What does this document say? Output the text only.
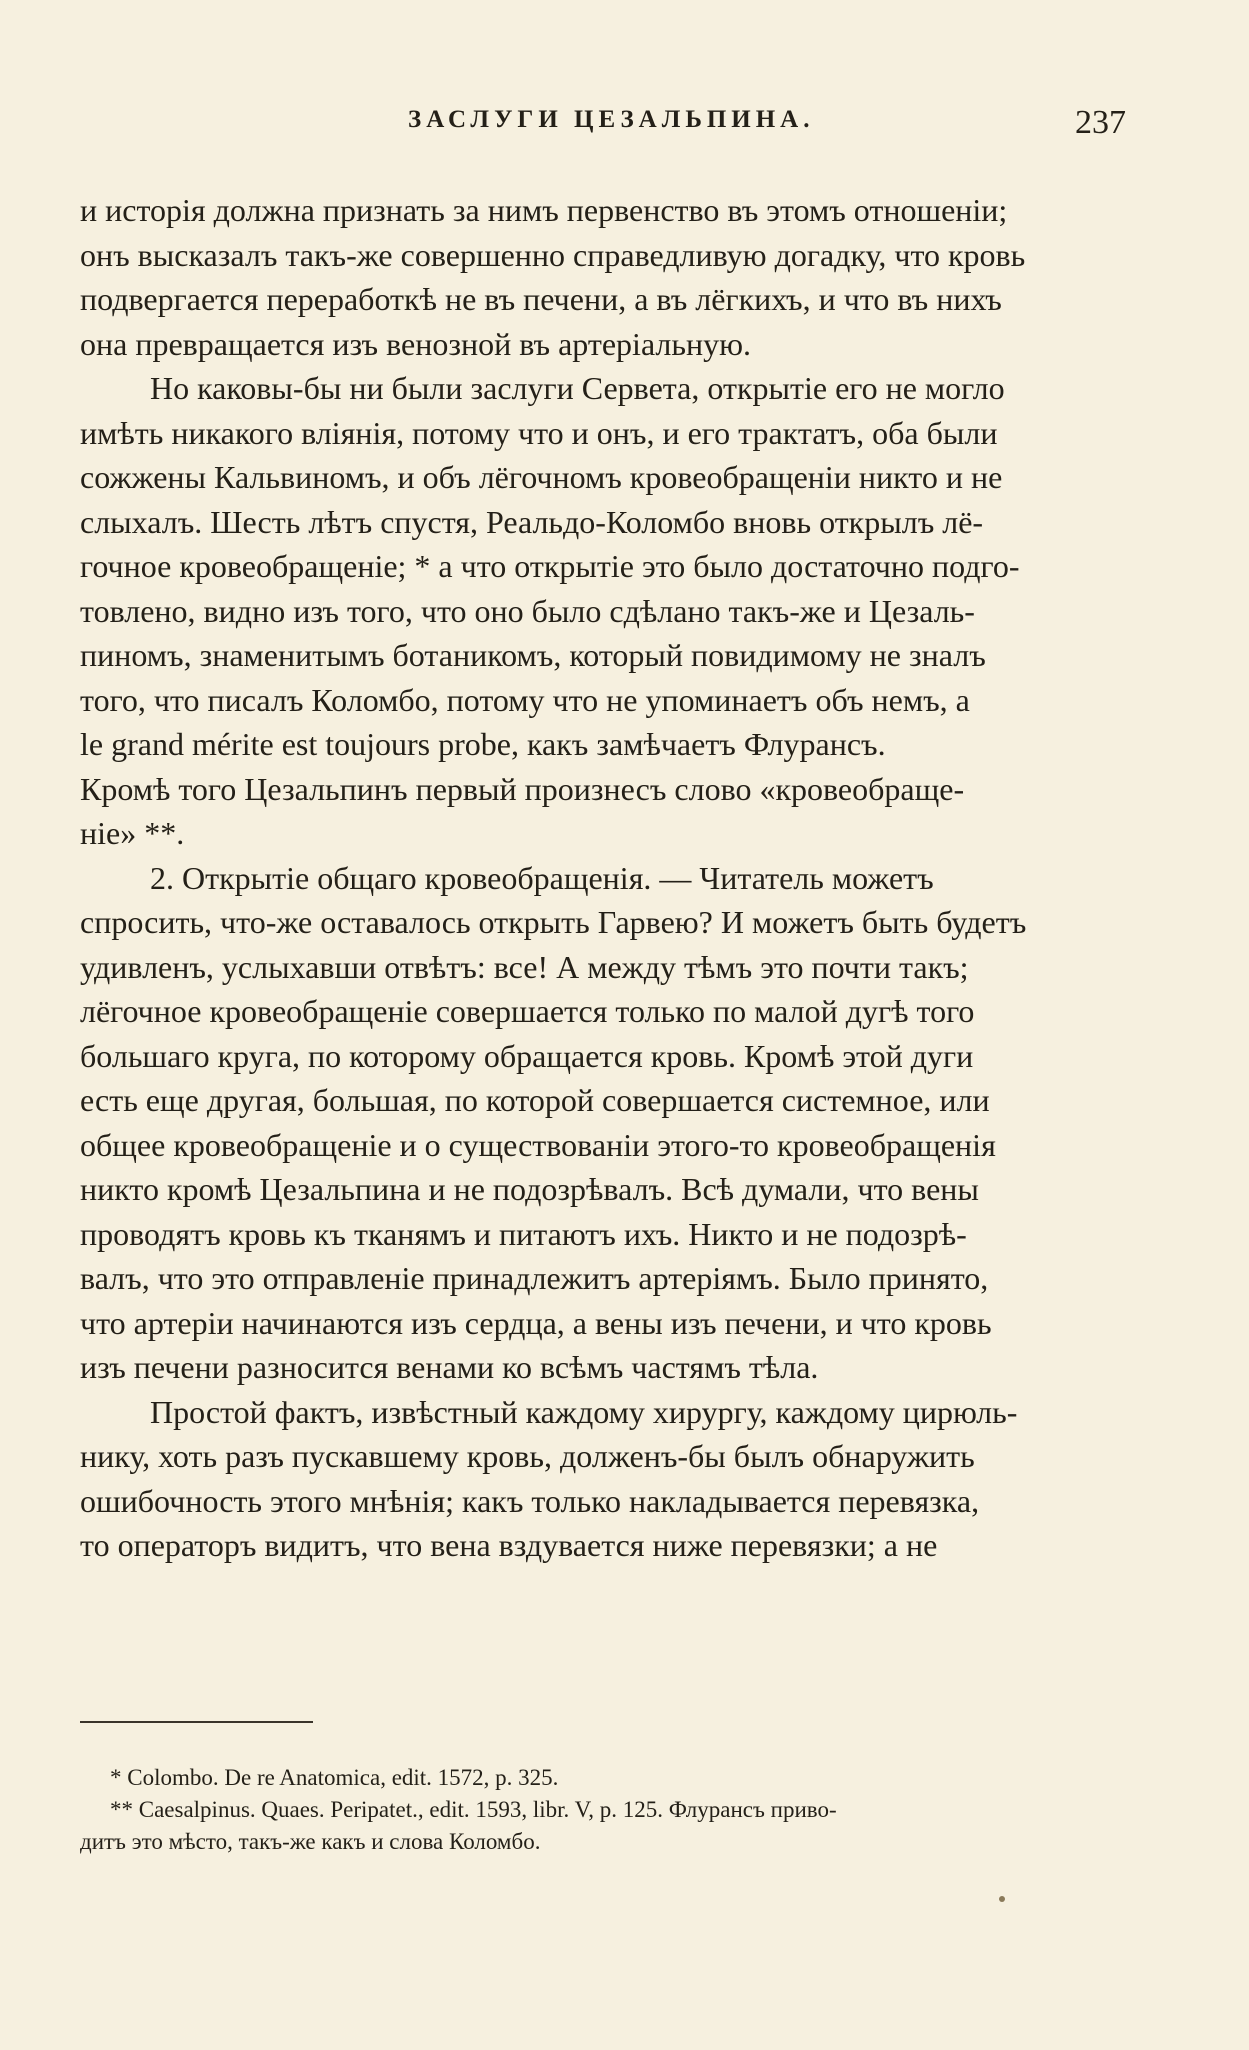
ЗАСЛУГИ ЦЕЗАЛЬПИНА.	237
и исторія должна признать за нимъ первенство въ этомъ отношеніи;
онъ высказалъ такъ-же совершенно справедливую догадку, что кровь
подвергается переработкѣ не въ печени, а въ лёгкихъ, и что въ нихъ
она превращается изъ венозной въ артеріальную.
Но каковы-бы ни были заслуги Сервета, открытіе его не могло
имѣть никакого вліянія, потому что и онъ, и его трактатъ, оба были
сожжены Кальвиномъ, и объ лёгочномъ кровеобращеніи никто и не
слыхалъ. Шесть лѣтъ спустя, Реальдо-Коломбо вновь открылъ лё-
гочное кровеобращеніе; * а что открытіе это было достаточно подго-
товлено, видно изъ того, что оно было сдѣлано такъ-же и Цезаль-
пиномъ, знаменитымъ ботаникомъ, который повидимому не зналъ
того, что писалъ Коломбо, потому что не упоминаетъ объ немъ, а
le grand mérite est toujours probe, какъ замѣчаетъ Флурансъ.
Кромѣ того Цезальпинъ первый произнесъ слово «кровеобраще-
ніе» **.
2. Открытіе общаго кровеобращенія. — Читатель можетъ
спросить, что-же оставалось открыть Гарвею? И можетъ быть будетъ
удивленъ, услыхавши отвѣтъ: все! А между тѣмъ это почти такъ;
лёгочное кровеобращеніе совершается только по малой дугѣ того
большаго круга, по которому обращается кровь. Кромѣ этой дуги
есть еще другая, большая, по которой совершается системное, или
общее кровеобращеніе и о существованіи этого-то кровеобращенія
никто кромѣ Цезальпина и не подозрѣвалъ. Всѣ думали, что вены
проводятъ кровь къ тканямъ и питаютъ ихъ. Никто и не подозрѣ-
валъ, что это отправленіе принадлежитъ артеріямъ. Было принято,
что артеріи начинаются изъ сердца, а вены изъ печени, и что кровь
изъ печени разносится венами ко всѣмъ частямъ тѣла.
Простой фактъ, извѣстный каждому хирургу, каждому цирюль-
нику, хоть разъ пускавшему кровь, долженъ-бы былъ обнаружить
ошибочность этого мнѣнія; какъ только накладывается перевязка,
то операторъ видитъ, что вена вздувается ниже перевязки; а не
* Colombo. De re Anatomica, edit. 1572, p. 325.
** Caesalpinus. Quaes. Peripatet., edit. 1593, libr. V, p. 125. Флурансъ приво-
дитъ это мѣсто, такъ-же какъ и слова Коломбо.
